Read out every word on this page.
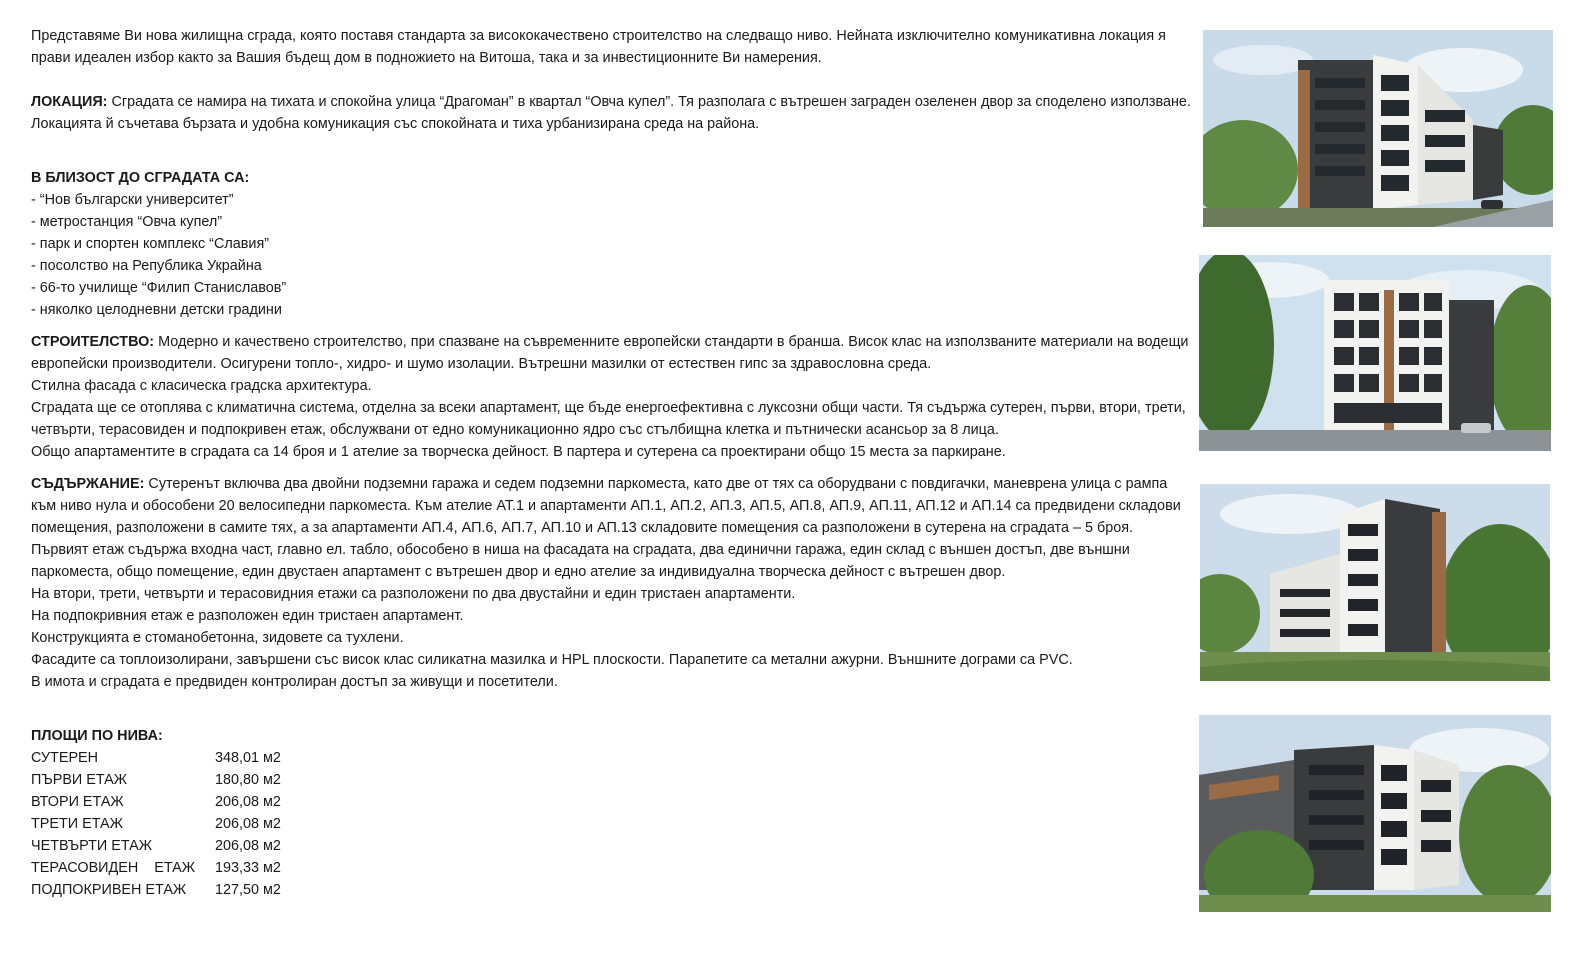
Представяме Ви нова жилищна сграда, която поставя стандарта за висококачествено строителство на следващо ниво. Нейната изключително комуникативна локация я прави идеален избор както за Вашия бъдещ дом в подножието на Витоша, така и за инвестиционните Ви намерения.

ЛОКАЦИЯ: Сградата се намира на тихата и спокойна улица “Драгоман” в квартал “Овча купел”. Тя разполага с вътрешен заграден озеленен двор за споделено използване. Локацията й съчетава бързата и удобна комуникация със спокойната и тиха урбанизирана среда на района.

В БЛИЗОСТ ДО СГРАДАТА СА:

- “Нов български университет”

- метростанция “Овча купел”

- парк и спортен комплекс “Славия”

- посолство на Република Украйна

- 66-то училище “Филип Станиславов”

- няколко целодневни детски градини

СТРОИТЕЛСТВО: Модерно и качествено строителство, при спазване на съвременните европейски стандарти в бранша. Висок клас на използваните материали на водещи европейски производители. Осигурени топло-, хидро- и шумо изолации. Вътрешни мазилки от естествен гипс за здравословна среда.

Стилна фасада с класическа градска архитектура.

Сградата ще се отоплява с климатична система, отделна за всеки апартамент, ще бъде енергоефективна с луксозни общи части. Тя съдържа сутерен, първи, втори, трети, четвърти, терасовиден и подпокривен етаж, обслужвани от едно комуникационно ядро със стълбищна клетка и пътнически асансьор за 8 лица.

Общо апартаментите в сградата са 14 броя и 1 ателие за творческа дейност. В партера и сутерена са проектирани общо 15 места за паркиране.

СЪДЪРЖАНИЕ: Сутеренът включва два двойни подземни гаража и седем подземни паркоместа, като две от тях са оборудвани с повдигачки, маневрена улица с рампа към ниво нула и обособени 20 велосипедни паркоместа. Към ателие АТ.1 и апартаменти АП.1, АП.2, АП.3, АП.5, АП.8, АП.9, АП.11, АП.12 и АП.14 са предвидени складови помещения, разположени в самите тях, а за апартаменти АП.4, АП.6, АП.7, АП.10 и АП.13 складовите помещения са разположени в сутерена на сградата – 5 броя.

Първият етаж съдържа входна част, главно ел. табло, обособено в ниша на фасадата на сградата, два единични гаража, един склад с външен достъп, две външни паркоместа, общо помещение, един двустаен апартамент с вътрешен двор и едно ателие за индивидуална творческа дейност с вътрешен двор.

На втори, трети, четвърти и терасовидния етажи са разположени по два двустайни и един тристаен апартаменти.

На подпокривния етаж е разположен един тристаен апартамент.

Конструкцията е стоманобетонна, зидовете са тухлени.

Фасадите са топлоизолирани, завършени със висок клас силикатна мазилка и HPL плоскости. Парапетите са метални ажурни. Външните дограми са PVC.

В имота и сградата е предвиден контролиран достъп за живущи и посетители.

ПЛОЩИ ПО НИВА:

СУТЕРЕН	348,01 м2
ПЪРВИ ЕТАЖ	180,80 м2
ВТОРИ ЕТАЖ	206,08 м2
ТРЕТИ ЕТАЖ	206,08 м2
ЧЕТВЪРТИ ЕТАЖ	206,08 м2
ТЕРАСОВИДЕН    ЕТАЖ	193,33 м2
ПОДПОКРИВЕН ЕТАЖ	127,50 м2
